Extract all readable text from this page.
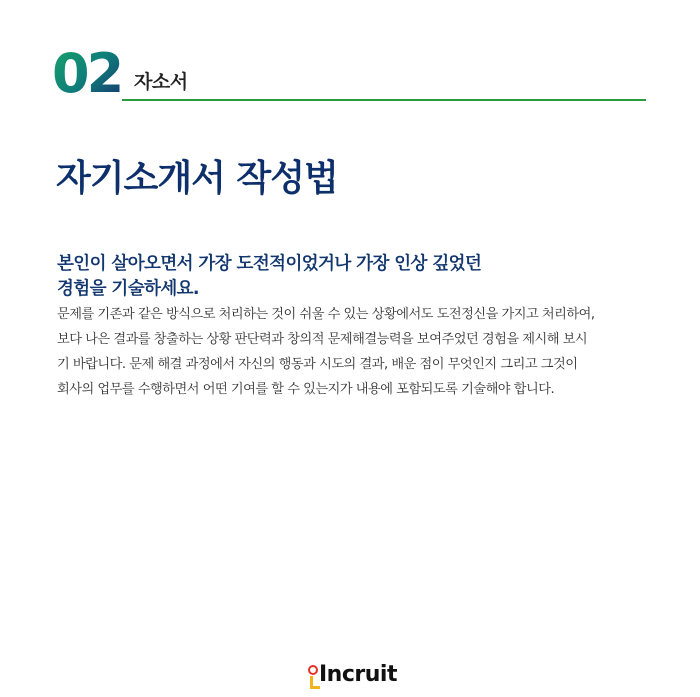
02 자소서
자기소개서 작성법
본인이 살아오면서 가장 도전적이었거나 가장 인상 깊었던
경험을 기술하세요.
문제를 기존과 같은 방식으로 처리하는 것이 쉬울 수 있는 상황에서도 도전정신을 가지고 처리하여,
보다 나은 결과를 창출하는 상황 판단력과 창의적 문제해결능력을 보여주었던 경험을 제시해 보시
기 바랍니다. 문제 해결 과정에서 자신의 행동과 시도의 결과, 배운 점이 무엇인지 그리고 그것이
회사의 업무를 수행하면서 어떤 기여를 할 수 있는지가 내용에 포함되도록 기술해야 합니다.
Incruit
